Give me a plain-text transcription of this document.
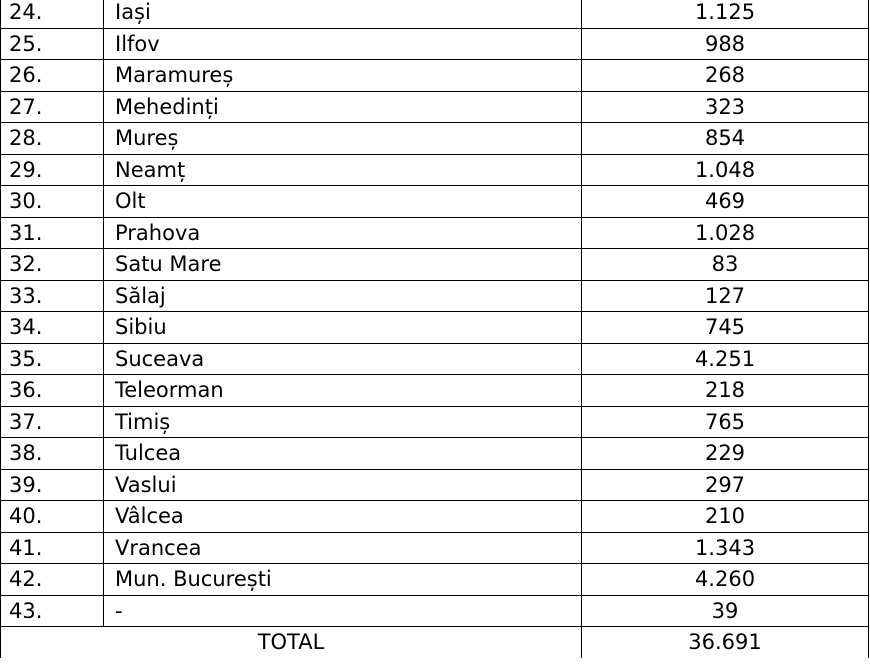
24.	Iași	1.125
25.	Ilfov	988
26.	Maramureș	268
27.	Mehedinți	323
28.	Mureș	854
29.	Neamț	1.048
30.	Olt	469
31.	Prahova	1.028
32.	Satu Mare	83
33.	Sălaj	127
34.	Sibiu	745
35.	Suceava	4.251
36.	Teleorman	218
37.	Timiș	765
38.	Tulcea	229
39.	Vaslui	297
40.	Vâlcea	210
41.	Vrancea	1.343
42.	Mun. București	4.260
43.	-	39
TOTAL		36.691
